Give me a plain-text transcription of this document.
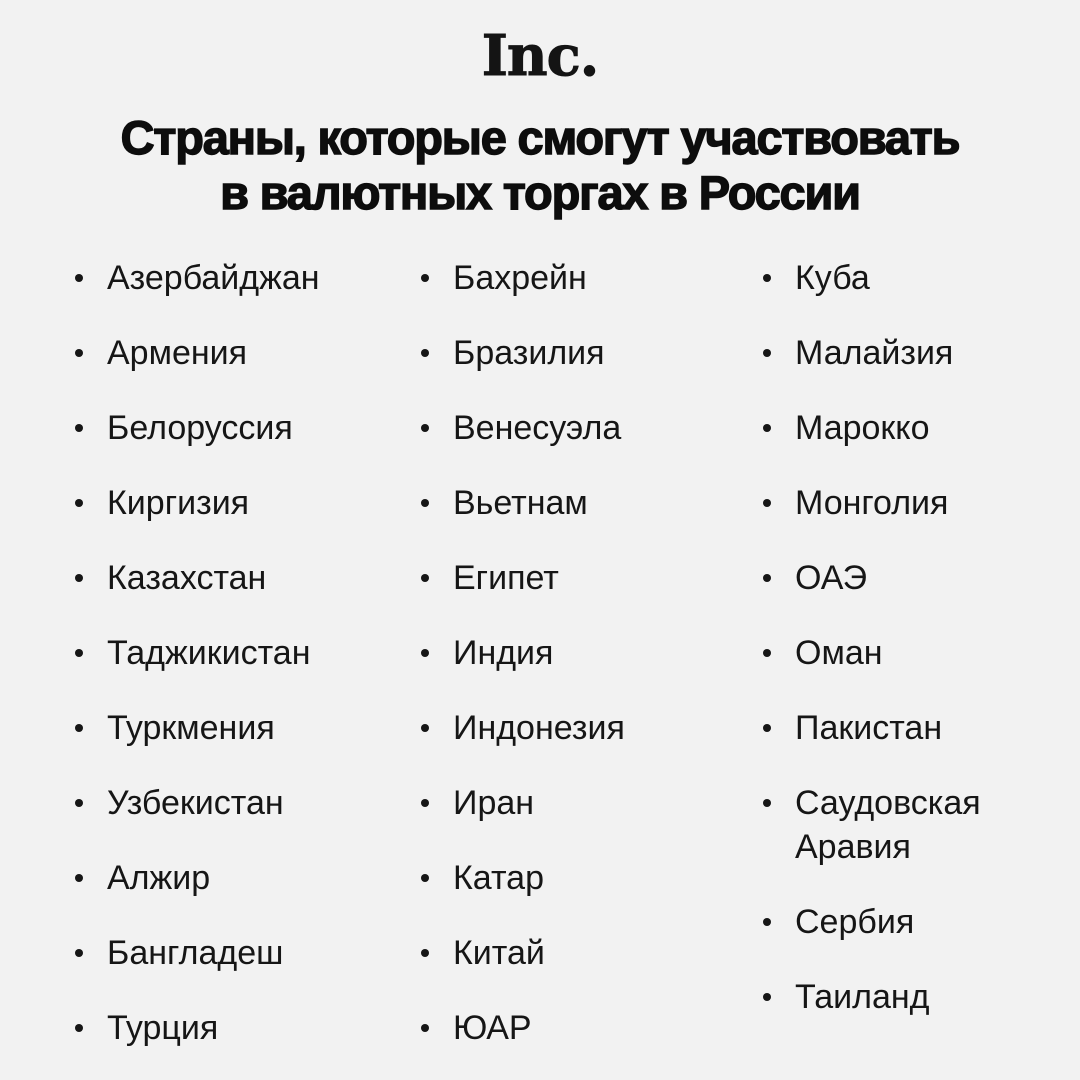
Inc.
Страны, которые смогут участвовать
в валютных торгах в России
Азербайджан
Армения
Белоруссия
Киргизия
Казахстан
Таджикистан
Туркмения
Узбекистан
Алжир
Бангладеш
Турция
Бахрейн
Бразилия
Венесуэла
Вьетнам
Египет
Индия
Индонезия
Иран
Катар
Китай
ЮАР
Куба
Малайзия
Марокко
Монголия
ОАЭ
Оман
Пакистан
Саудовская Аравия
Сербия
Таиланд
